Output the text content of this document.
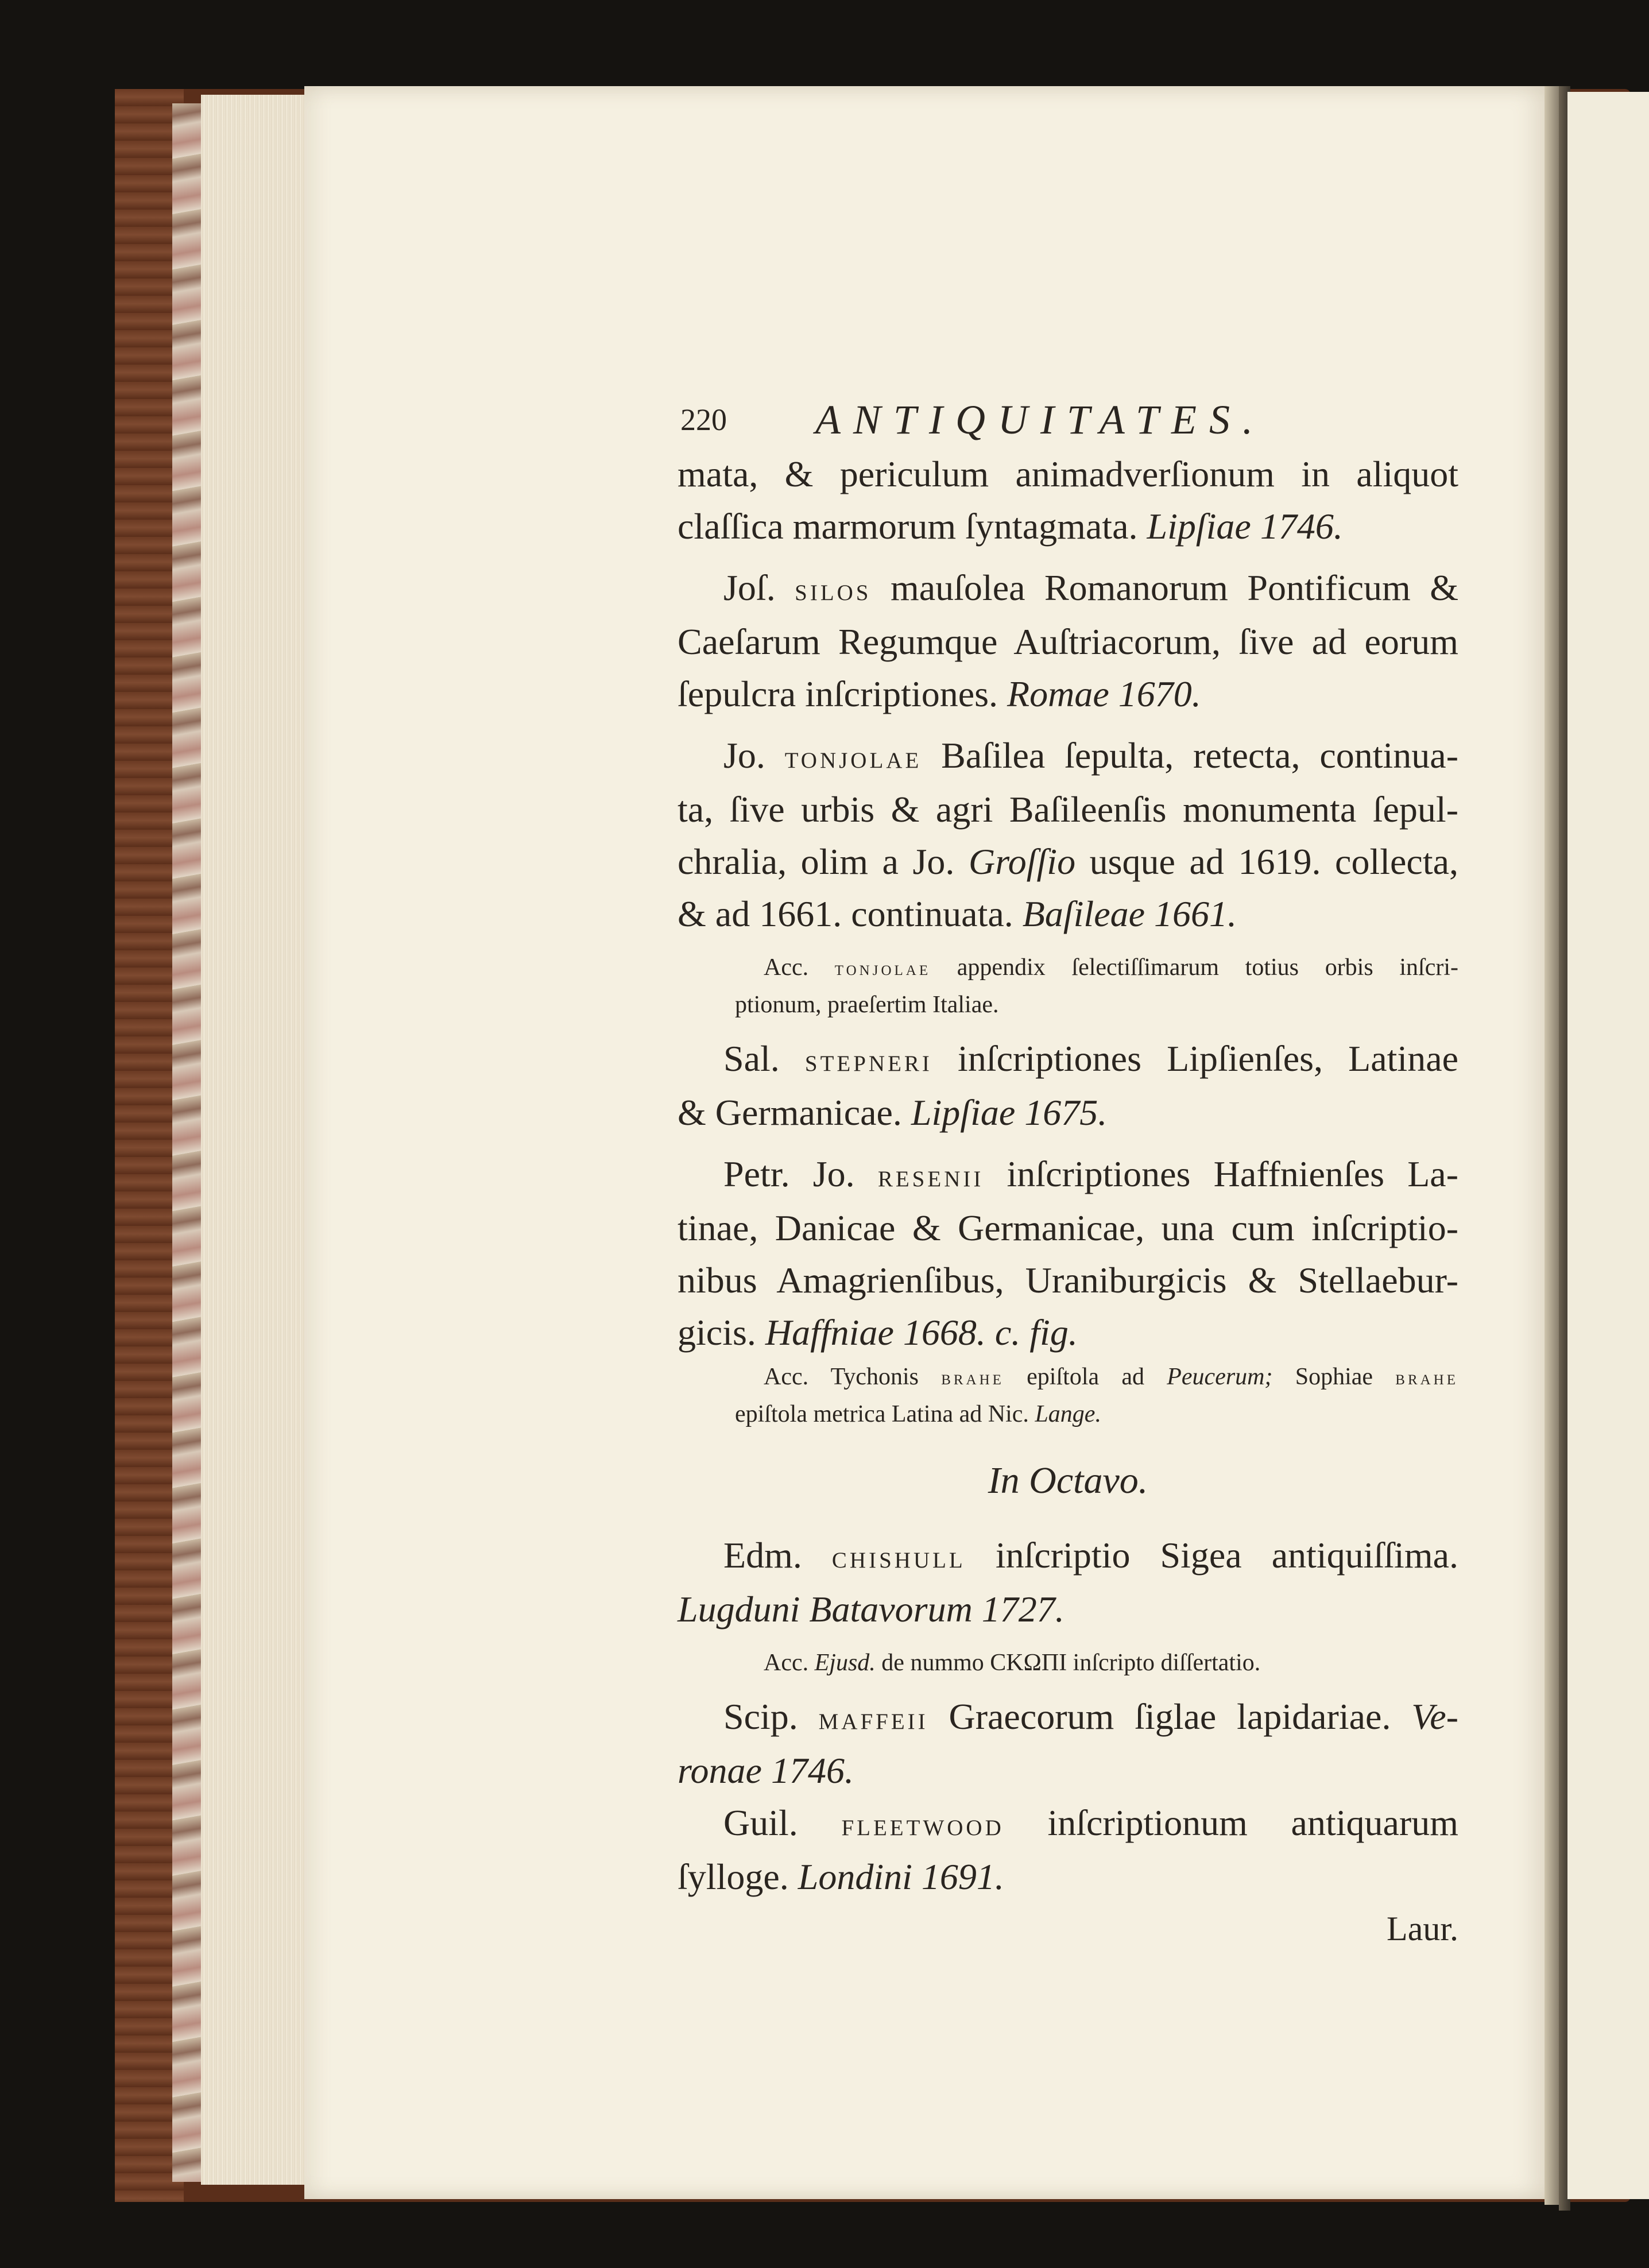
220 ANTIQUITATES.
mata, & periculum animadverſionum in aliquot
claſſica marmorum ſyntagmata. Lipſiae 1746.
Joſ. silos mauſolea Romanorum Pontificum &
Caeſarum Regumque Auſtriacorum, ſive ad eorum
ſepulcra inſcriptiones. Romae 1670.
Jo. tonjolae Baſilea ſepulta, retecta, continua-
ta, ſive urbis & agri Baſileenſis monumenta ſepul-
chralia, olim a Jo. Groſſio usque ad 1619. collecta,
& ad 1661. continuata. Baſileae 1661.
Acc. tonjolae appendix ſelectiſſimarum totius orbis inſcri-
ptionum, praeſertim Italiae.
Sal. stepneri inſcriptiones Lipſienſes, Latinae
& Germanicae. Lipſiae 1675.
Petr. Jo. resenii inſcriptiones Haffnienſes La-
tinae, Danicae & Germanicae, una cum inſcriptio-
nibus Amagrienſibus, Uraniburgicis & Stellaebur-
gicis. Haffniae 1668. c. fig.
Acc. Tychonis brahe epiſtola ad Peucerum; Sophiae brahe
epiſtola metrica Latina ad Nic. Lange.
In Octavo.
Edm. chishull inſcriptio Sigea antiquiſſima.
Lugduni Batavorum 1727.
Acc. Ejusd. de nummo CΚΩΠΙ inſcripto diſſertatio.
Scip. maffeii Graecorum ſiglae lapidariae. Ve-
ronae 1746.
Guil. fleetwood inſcriptionum antiquarum
ſylloge. Londini 1691.
Laur.
